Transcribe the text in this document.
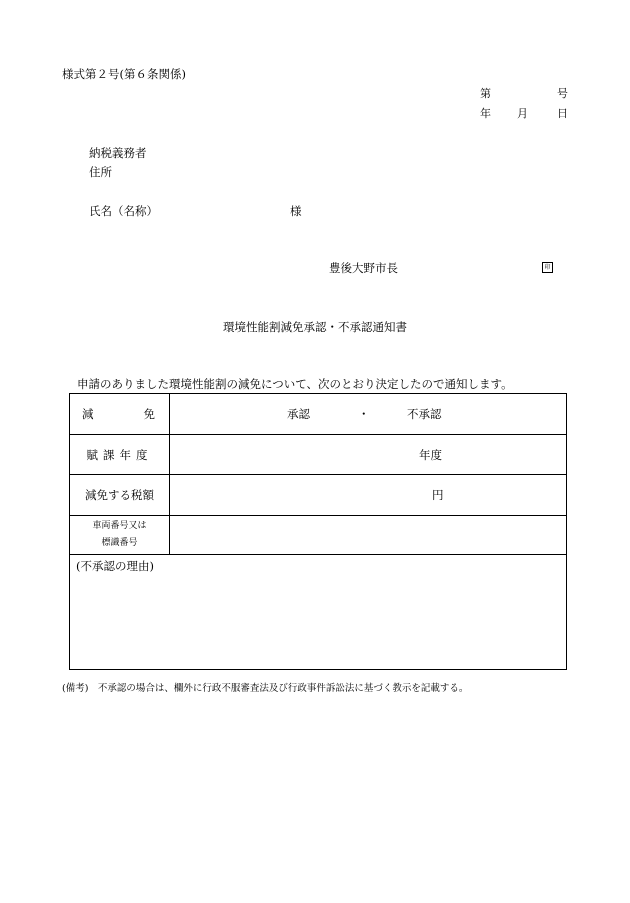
様式第２号(第６条関係)
第	号
年 月	日
納税義務者
住所
氏名（名称）	様
豊後大野市長	印
環境性能割減免承認・不承認通知書
申請のありました環境性能割の減免について、次のとおり決定したので通知します。
減 免	承認 ・ 不承認

賦課年度	年度

減免する税額	円

車両番号又は
標識番号	

(不承認の理由)	
(備考)　不承認の場合は、欄外に行政不服審査法及び行政事件訴訟法に基づく教示を記載する。
